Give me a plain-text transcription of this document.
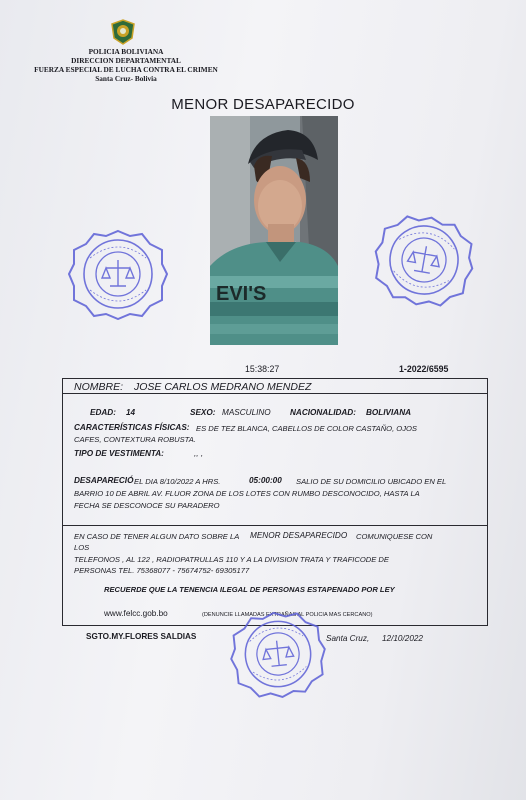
POLICIA BOLIVIANA
DIRECCION DEPARTAMENTAL
FUERZA ESPECIAL DE LUCHA CONTRA EL CRIMEN
Santa Cruz- Bolivia
MENOR DESAPARECIDO
EVI'S
15:38:27	1-2022/6595
NOMBRE: JOSE CARLOS MEDRANO MENDEZ
EDAD: 14	SEXO: MASCULINO NACIONALIDAD: BOLIVIANA
CARACTERÍSTICAS FÍSICAS: ES DE TEZ BLANCA, CABELLOS DE COLOR CASTAÑO, OJOS
CAFES, CONTEXTURA ROBUSTA.
TIPO DE VESTIMENTA:	,, ,
DESAPARECIÓ EL DIA 8/10/2022 A HRS.	05:00:00 SALIO DE SU DOMICILIO UBICADO EN EL
BARRIO 10 DE ABRIL AV. FLUOR ZONA DE LOS LOTES CON RUMBO DESCONOCIDO, HASTA LA
FECHA SE DESCONOCE SU PARADERO
EN CASO DE TENER ALGUN DATO SOBRE LA MENOR DESAPARECIDO COMUNIQUESE CON
LOS
TELEFONOS , AL 122 , RADIOPATRULLAS 110 Y A LA DIVISION TRATA Y TRAFICODE DE
PERSONAS TEL. 75368077 - 75674752- 69305177
RECUERDE QUE LA TENENCIA ILEGAL DE PERSONAS ESTAPENADO POR LEY
www.felcc.gob.bo	(DENUNCIE LLAMADAS EXTRAÑAS AL POLICIA MAS CERCANO)
SGTO.MY.FLORES SALDIAS	Santa Cruz, 12/10/2022
